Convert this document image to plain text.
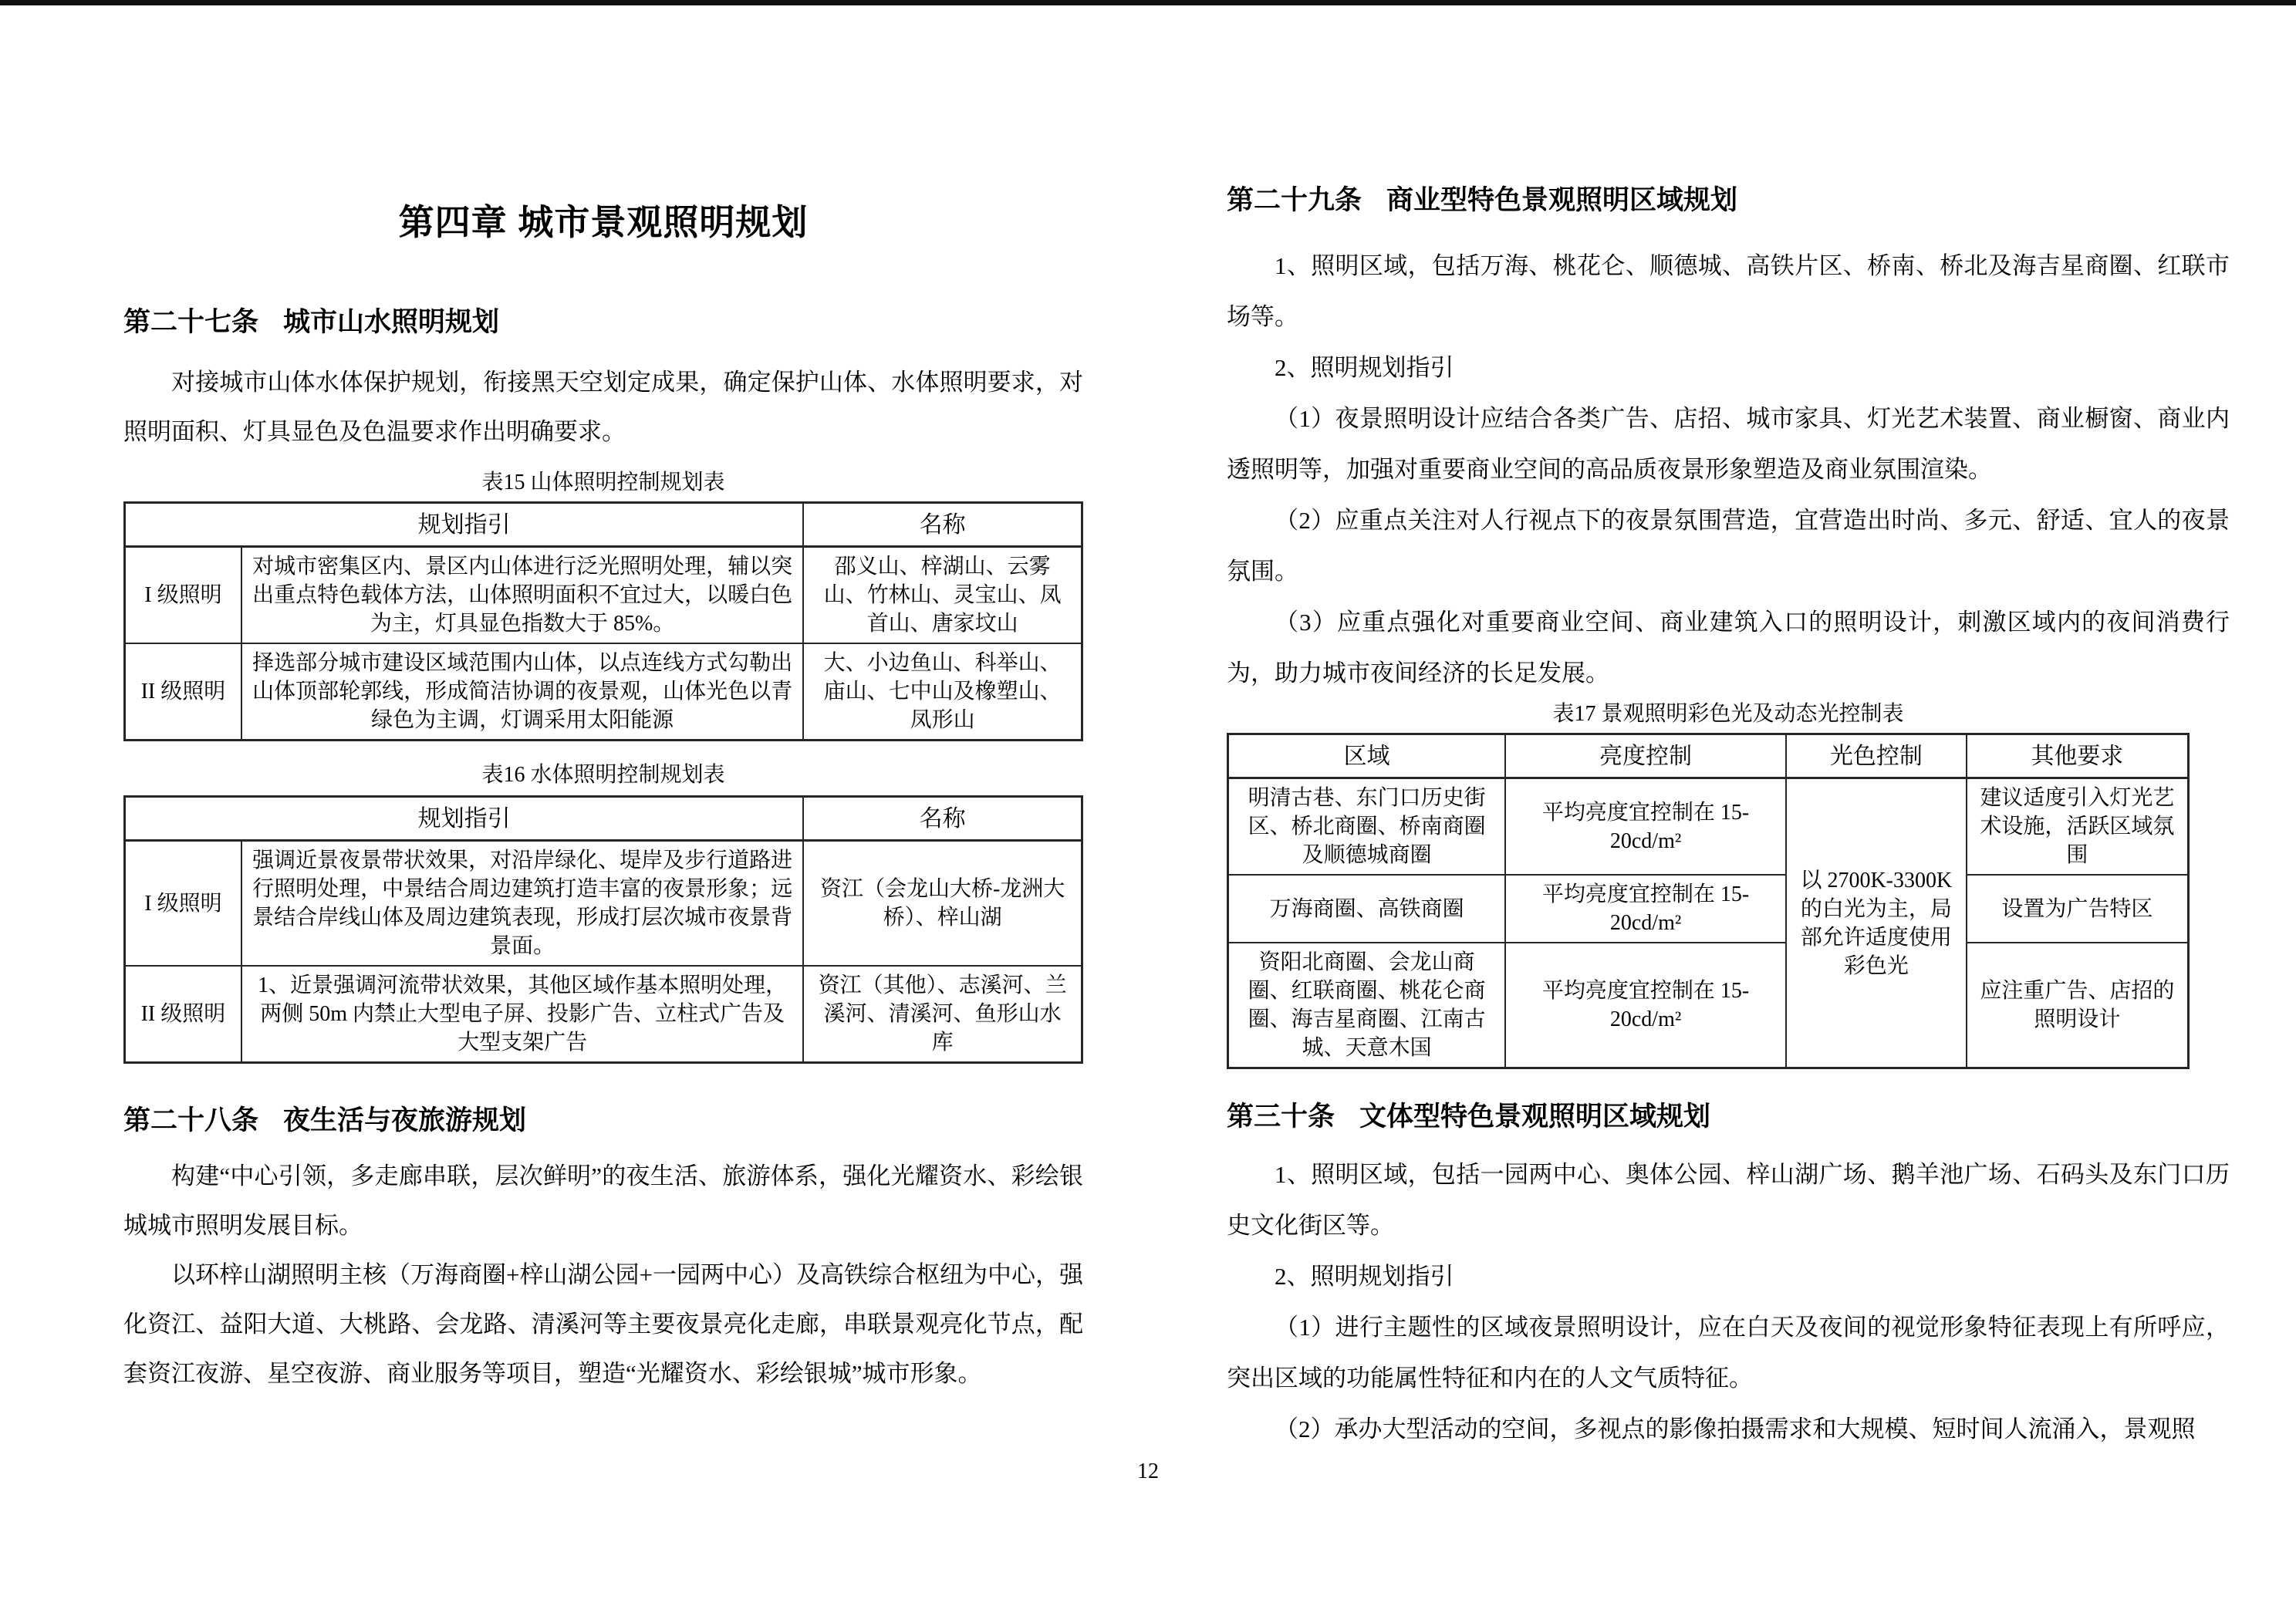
第四章 城市景观照明规划
第二十七条 城市山水照明规划

对接城市山体水体保护规划，衔接黑天空划定成果，确定保护山体、水体照明要求，对照明面积、灯具显色及色温要求作出明确要求。

表15 山体照明控制规划表
规划指引		名称
I 级照明	对城市密集区内、景区内山体进行泛光照明处理，辅以突出重点特色载体方法，山体照明面积不宜过大，以暖白色为主，灯具显色指数大于 85%。	邵义山、梓湖山、云雾山、竹林山、灵宝山、凤首山、唐家坟山
II 级照明	择选部分城市建设区域范围内山体，以点连线方式勾勒出山体顶部轮郭线，形成简洁协调的夜景观，山体光色以青绿色为主调，灯调采用太阳能源	大、小边鱼山、科举山、庙山、七中山及橡塑山、凤形山
表16 水体照明控制规划表
规划指引		名称
I 级照明	强调近景夜景带状效果，对沿岸绿化、堤岸及步行道路进行照明处理，中景结合周边建筑打造丰富的夜景形象；远景结合岸线山体及周边建筑表现，形成打层次城市夜景背景面。	资江（会龙山大桥-龙洲大桥）、梓山湖
II 级照明	1、近景强调河流带状效果，其他区域作基本照明处理，两侧 50m 内禁止大型电子屏、投影广告、立柱式广告及大型支架广告	资江（其他）、志溪河、兰溪河、清溪河、鱼形山水库
第二十八条 夜生活与夜旅游规划

构建“中心引领，多走廊串联，层次鲜明”的夜生活、旅游体系，强化光耀资水、彩绘银城城市照明发展目标。

以环梓山湖照明主核（万海商圈+梓山湖公园+一园两中心）及高铁综合枢纽为中心，强化资江、益阳大道、大桃路、会龙路、清溪河等主要夜景亮化走廊，串联景观亮化节点，配套资江夜游、星空夜游、商业服务等项目，塑造“光耀资水、彩绘银城”城市形象。

第二十九条 商业型特色景观照明区域规划

1、照明区域，包括万海、桃花仑、顺德城、高铁片区、桥南、桥北及海吉星商圈、红联市场等。

2、照明规划指引

（1）夜景照明设计应结合各类广告、店招、城市家具、灯光艺术装置、商业橱窗、商业内透照明等，加强对重要商业空间的高品质夜景形象塑造及商业氛围渲染。

（2）应重点关注对人行视点下的夜景氛围营造，宜营造出时尚、多元、舒适、宜人的夜景氛围。

（3）应重点强化对重要商业空间、商业建筑入口的照明设计，刺激区域内的夜间消费行为，助力城市夜间经济的长足发展。

表17 景观照明彩色光及动态光控制表
区域	亮度控制	光色控制	其他要求
明清古巷、东门口历史街区、桥北商圈、桥南商圈及顺德城商圈	平均亮度宜控制在 15-20cd/m²	以 2700K-3300K 的白光为主，局部允许适度使用彩色光	建议适度引入灯光艺术设施，活跃区域氛围
万海商圈、高铁商圈	平均亮度宜控制在 15-20cd/m²		设置为广告特区
资阳北商圈、会龙山商圈、红联商圈、桃花仑商圈、海吉星商圈、江南古城、天意木国	平均亮度宜控制在 15-20cd/m²		应注重广告、店招的照明设计
第三十条 文体型特色景观照明区域规划

1、照明区域，包括一园两中心、奥体公园、梓山湖广场、鹅羊池广场、石码头及东门口历史文化街区等。

2、照明规划指引

（1）进行主题性的区域夜景照明设计，应在白天及夜间的视觉形象特征表现上有所呼应，突出区域的功能属性特征和内在的人文气质特征。

（2）承办大型活动的空间，多视点的影像拍摄需求和大规模、短时间人流涌入，景观照

12
